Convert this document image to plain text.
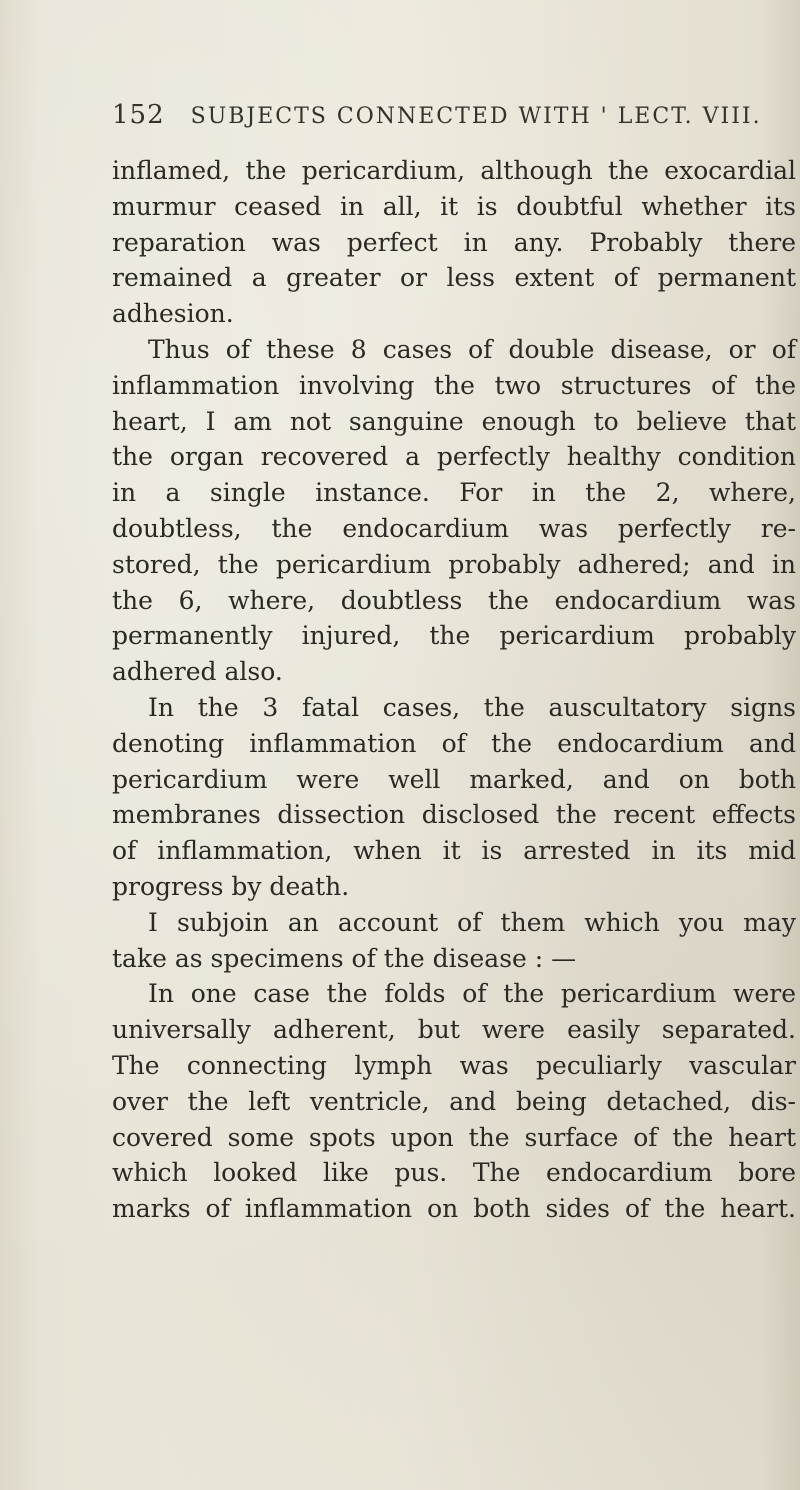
152 SUBJECTS CONNECTED WITH ' LECT. VIII.
inflamed, the pericardium, although the exocardial
murmur ceased in all, it is doubtful whether its
reparation was perfect in any. Probably there
remained a greater or less extent of permanent
adhesion.
Thus of these 8 cases of double disease, or of
inflammation involving the two structures of the
heart, I am not sanguine enough to believe that
the organ recovered a perfectly healthy condition
in a single instance. For in the 2, where,
doubtless, the endocardium was perfectly re-
stored, the pericardium probably adhered; and in
the 6, where, doubtless the endocardium was
permanently injured, the pericardium probably
adhered also.
In the 3 fatal cases, the auscultatory signs
denoting inflammation of the endocardium and
pericardium were well marked, and on both
membranes dissection disclosed the recent effects
of inflammation, when it is arrested in its mid
progress by death.
I subjoin an account of them which you may
take as specimens of the disease : —
In one case the folds of the pericardium were
universally adherent, but were easily separated.
The connecting lymph was peculiarly vascular
over the left ventricle, and being detached, dis-
covered some spots upon the surface of the heart
which looked like pus. The endocardium bore
marks of inflammation on both sides of the heart.
